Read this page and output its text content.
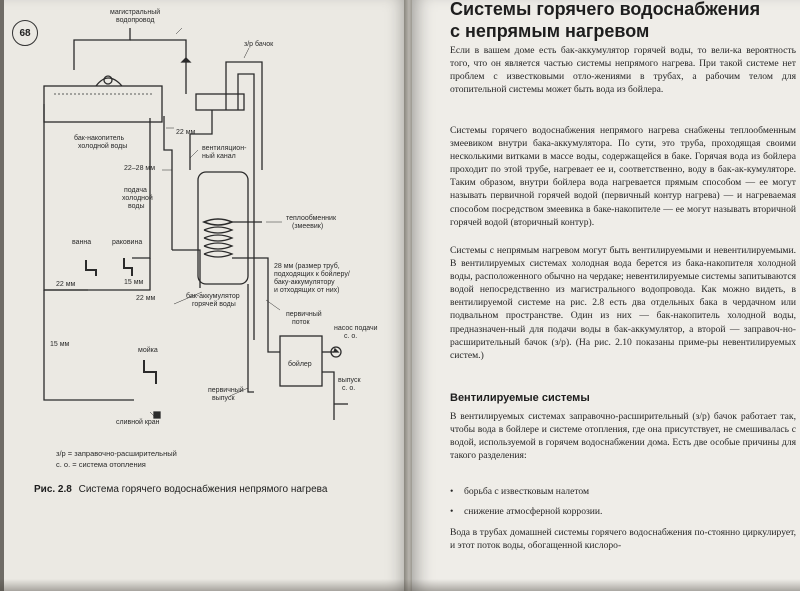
68
магистральный
водопровод
з/р бачок
бак-накопитель
холодной воды
22 мм
вентиляцион-
ный канал
22–28 мм
подача
холодной
воды
теплообменник
(змеевик)
ванна	раковина
22 мм	15 мм
22 мм	бак-аккумулятор
горячей воды
28 мм (размер труб,
подходящих к бойлеру/
баку-аккумулятору
и отходящих от них)
первичный
поток
насос подачи
с. о.
15 мм
мойка
бойлер
выпуск
с. о.
первичный
выпуск
сливной кран
з/р = заправочно-расширительный
с. о. = система отопления
Рис. 2.8 Система горячего водоснабжения непрямого нагрева
Системы горячего водоснабжения
с непрямым нагревом

Если в вашем доме есть бак-аккумулятор горячей воды, то вели-ка вероятность того, что он является частью системы непрямого нагрева. При такой системе нет проблем с известковыми отло-жениями в трубах, а рабочим телом для отопительной системы может быть вода из бойлера.

Системы горячего водоснабжения непрямого нагрева снабжены теплообменным змеевиком внутри бака-аккумулятора. По сути, это труба, проходящая своими несколькими витками в массе воды, содержащейся в баке. Горячая вода из бойлера проходит по этой трубе, нагревает ее и, соответственно, воду в бак-ак-кумуляторе. Таким образом, внутри бойлера вода нагревается прямым способом — ее могут называть первичной горячей водой (первичный контур нагрева) — и нагреваемая способом посредством змеевика в баке-накопителе — ее могут называть вторичной горячей водой (вторичный контур).

Системы с непрямым нагревом могут быть вентилируемыми и невентилируемыми. В вентилируемых системах холодная вода берется из бака-накопителя холодной воды, расположенного обычно на чердаке; невентилируемые системы запитываются водой непосредственно из магистрального водопровода. Как можно видеть, в вентилируемой системе на рис. 2.8 есть два отдельных бака в чердачном или подвальном пространстве. Один из них — бак-накопитель холодной воды, предназначен-ный для подачи воды в бак-аккумулятор, а второй — заправоч-но-расширительный бачок (з/р). (На рис. 2.10 показаны приме-ры невентилируемых систем.)

Вентилируемые системы

В вентилируемых системах заправочно-расширительный (з/р) бачок работает так, чтобы вода в бойлере и системе отопления, где она присутствует, не смешивалась с водой, используемой в горячем водоснабжении дома. Есть две особые причины для такого разделения:

• борьба с известковым налетом
• снижение атмосферной коррозии.

Вода в трубах домашней системы горячего водоснабжения по-стоянно циркулирует, и этот поток воды, обогащенной кислоро-
